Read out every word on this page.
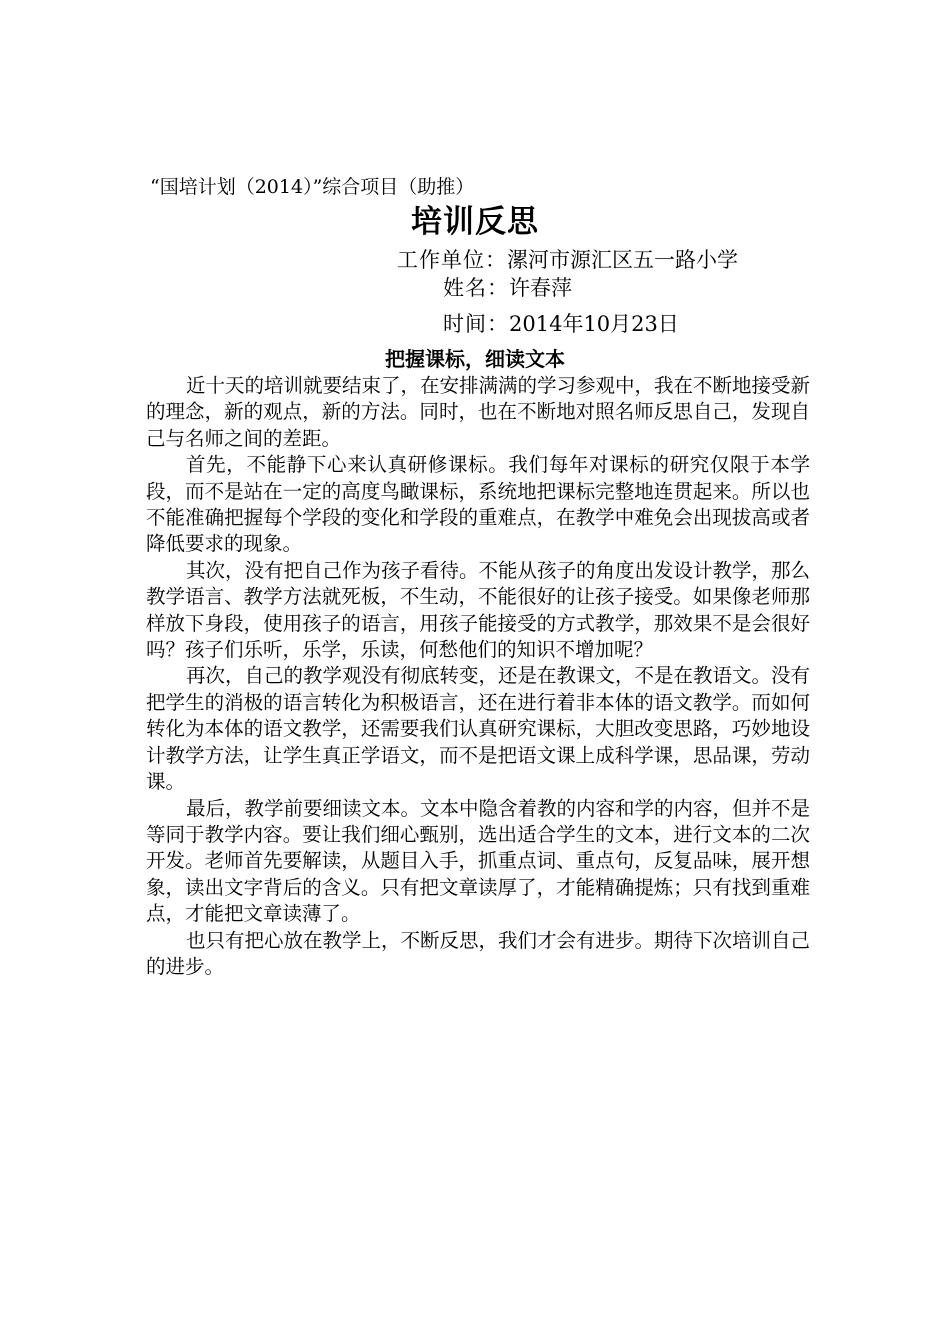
“国培计划（2014）”综合项目（助推）
培训反思
工作单位：漯河市源汇区五一路小学
姓名：许春萍
时间：2014年10月23日
把握课标，细读文本

近十天的培训就要结束了，在安排满满的学习参观中，我在不断地接受新的理念，新的观点，新的方法。同时，也在不断地对照名师反思自己，发现自己与名师之间的差距。

首先，不能静下心来认真研修课标。我们每年对课标的研究仅限于本学段，而不是站在一定的高度鸟瞰课标，系统地把课标完整地连贯起来。所以也不能准确把握每个学段的变化和学段的重难点，在教学中难免会出现拔高或者降低要求的现象。

其次，没有把自己作为孩子看待。不能从孩子的角度出发设计教学，那么教学语言、教学方法就死板，不生动，不能很好的让孩子接受。如果像老师那样放下身段，使用孩子的语言，用孩子能接受的方式教学，那效果不是会很好吗？孩子们乐听，乐学，乐读，何愁他们的知识不增加呢？

再次，自己的教学观没有彻底转变，还是在教课文，不是在教语文。没有把学生的消极的语言转化为积极语言，还在进行着非本体的语文教学。而如何转化为本体的语文教学，还需要我们认真研究课标，大胆改变思路，巧妙地设计教学方法，让学生真正学语文，而不是把语文课上成科学课，思品课，劳动课。

最后，教学前要细读文本。文本中隐含着教的内容和学的内容，但并不是等同于教学内容。要让我们细心甄别，选出适合学生的文本，进行文本的二次开发。老师首先要解读，从题目入手，抓重点词、重点句，反复品味，展开想象，读出文字背后的含义。只有把文章读厚了，才能精确提炼；只有找到重难点，才能把文章读薄了。

也只有把心放在教学上，不断反思，我们才会有进步。期待下次培训自己的进步。
